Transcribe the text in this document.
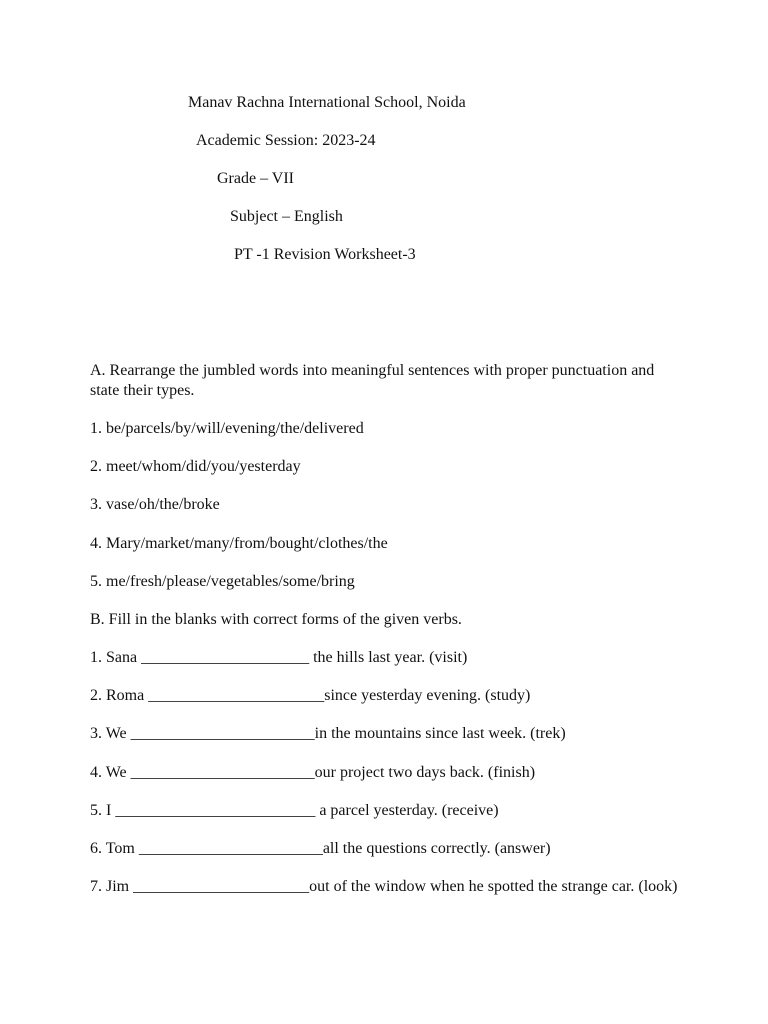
Manav Rachna International School, Noida
Academic Session: 2023-24
Grade – VII
Subject – English
PT -1 Revision Worksheet-3
A. Rearrange the jumbled words into meaningful sentences with proper punctuation and state their types.
1. be/parcels/by/will/evening/the/delivered
2. meet/whom/did/you/yesterday
3. vase/oh/the/broke
4. Mary/market/many/from/bought/clothes/the
5. me/fresh/please/vegetables/some/bring
B. Fill in the blanks with correct forms of the given verbs.
1. Sana _____________________ the hills last year. (visit)
2. Roma ______________________since yesterday evening. (study)
3. We _______________________in the mountains since last week. (trek)
4. We _______________________our project two days back. (finish)
5. I _________________________ a parcel yesterday. (receive)
6. Tom _______________________all the questions correctly. (answer)
7. Jim ______________________out of the window when he spotted the strange car. (look)
